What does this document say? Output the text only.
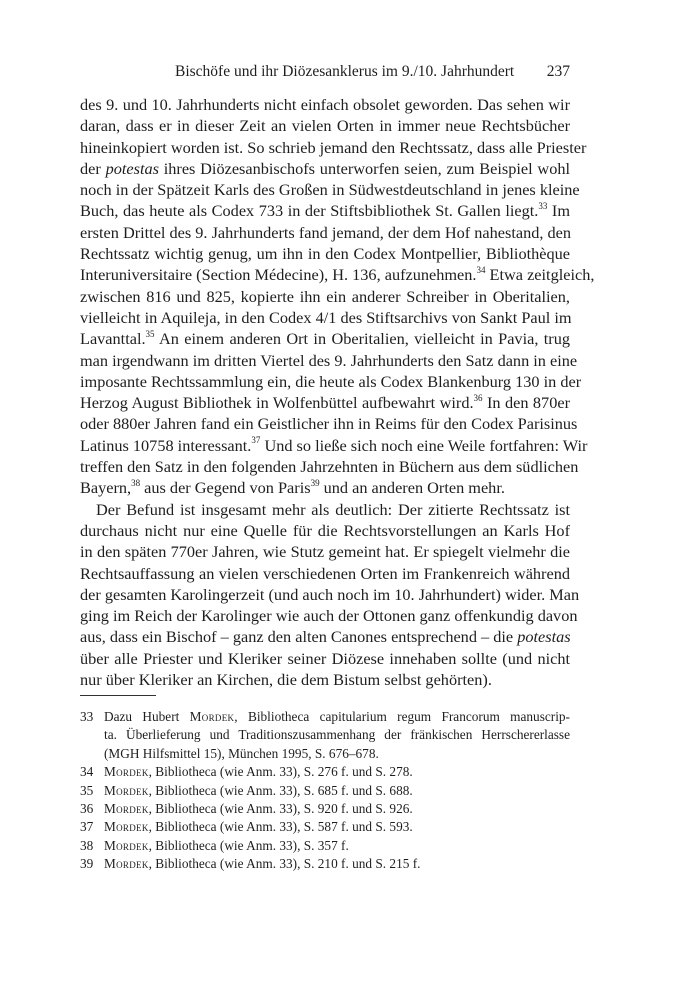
Bischöfe und ihr Diözesanklerus im 9./10. Jahrhundert 237
des 9. und 10. Jahrhunderts nicht einfach obsolet geworden. Das sehen wir
daran, dass er in dieser Zeit an vielen Orten in immer neue Rechtsbücher
hineinkopiert worden ist. So schrieb jemand den Rechtssatz, dass alle Priester
der potestas ihres Diözesanbischofs unterworfen seien, zum Beispiel wohl
noch in der Spätzeit Karls des Großen in Südwestdeutschland in jenes kleine
Buch, das heute als Codex 733 in der Stiftsbibliothek St. Gallen liegt.$^{33}$ Im
ersten Drittel des 9. Jahrhunderts fand jemand, der dem Hof nahestand, den
Rechtssatz wichtig genug, um ihn in den Codex Montpellier, Bibliothèque
Interuniversitaire (Section Médecine), H. 136, aufzunehmen.$^{34}$ Etwa zeitgleich,
zwischen 816 und 825, kopierte ihn ein anderer Schreiber in Oberitalien,
vielleicht in Aquileja, in den Codex 4/1 des Stiftsarchivs von Sankt Paul im
Lavanttal.$^{35}$ An einem anderen Ort in Oberitalien, vielleicht in Pavia, trug
man irgendwann im dritten Viertel des 9. Jahrhunderts den Satz dann in eine
imposante Rechtssammlung ein, die heute als Codex Blankenburg 130 in der
Herzog August Bibliothek in Wolfenbüttel aufbewahrt wird.$^{36}$ In den 870er
oder 880er Jahren fand ein Geistlicher ihn in Reims für den Codex Parisinus
Latinus 10758 interessant.$^{37}$ Und so ließe sich noch eine Weile fortfahren: Wir
treffen den Satz in den folgenden Jahrzehnten in Büchern aus dem südlichen
Bayern,$^{38}$ aus der Gegend von Paris$^{39}$ und an anderen Orten mehr.
Der Befund ist insgesamt mehr als deutlich: Der zitierte Rechtssatz ist
durchaus nicht nur eine Quelle für die Rechtsvorstellungen an Karls Hof
in den späten 770er Jahren, wie Stutz gemeint hat. Er spiegelt vielmehr die
Rechtsauffassung an vielen verschiedenen Orten im Frankenreich während
der gesamten Karolingerzeit (und auch noch im 10. Jahrhundert) wider. Man
ging im Reich der Karolinger wie auch der Ottonen ganz offenkundig davon
aus, dass ein Bischof – ganz den alten Canones entsprechend – die potestas
über alle Priester und Kleriker seiner Diözese innehaben sollte (und nicht
nur über Kleriker an Kirchen, die dem Bistum selbst gehörten).
33 Dazu Hubert Mordek, Bibliotheca capitularium regum Francorum manuscrip-
ta. Überlieferung und Traditionszusammenhang der fränkischen Herrschererlasse
(MGH Hilfsmittel 15), München 1995, S. 676–678.
34 Mordek, Bibliotheca (wie Anm. 33), S. 276 f. und S. 278.
35 Mordek, Bibliotheca (wie Anm. 33), S. 685 f. und S. 688.
36 Mordek, Bibliotheca (wie Anm. 33), S. 920 f. und S. 926.
37 Mordek, Bibliotheca (wie Anm. 33), S. 587 f. und S. 593.
38 Mordek, Bibliotheca (wie Anm. 33), S. 357 f.
39 Mordek, Bibliotheca (wie Anm. 33), S. 210 f. und S. 215 f.
